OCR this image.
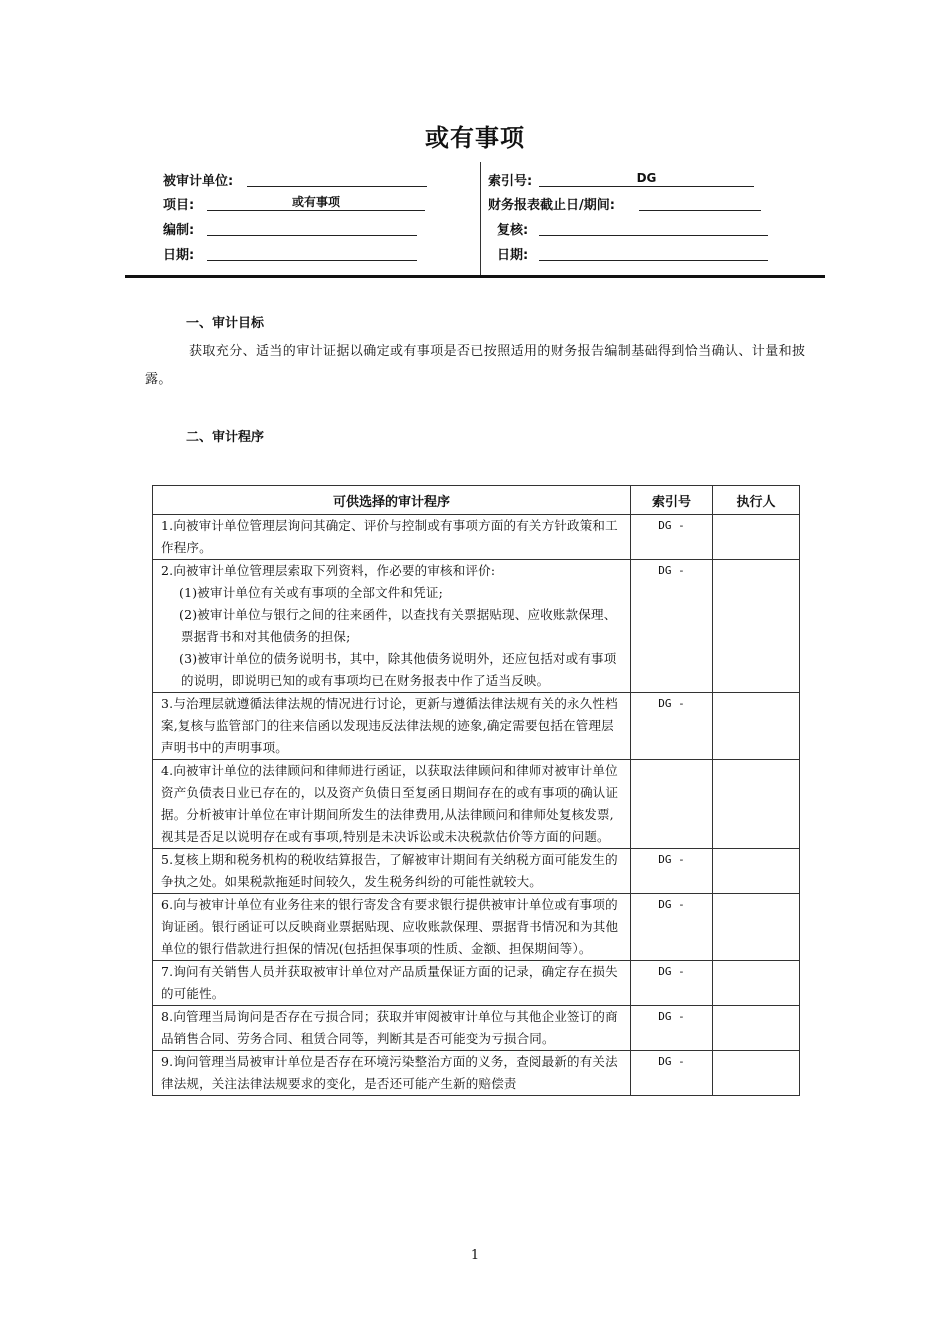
或有事项
被审计单位:
项目:	或有事项
编制:
日期:
索引号:	DG
财务报表截止日/期间:
复核:
日期:
一、审计目标
获取充分、适当的审计证据以确定或有事项是否已按照适用的财务报告编制基础得到恰当确认、计量和披露。
二、审计程序
可供选择的审计程序	索引号	执行人

1.向被审计单位管理层询问其确定、评价与控制或有事项方面的有关方针政策和工作程序。	DG -	

2.向被审计单位管理层索取下列资料，作必要的审核和评价:
(1)被审计单位有关或有事项的全部文件和凭证;
(2)被审计单位与银行之间的往来函件，以查找有关票据贴现、应收账款保理、票据背书和对其他债务的担保;
(3)被审计单位的债务说明书，其中，除其他债务说明外，还应包括对或有事项的说明，即说明已知的或有事项均已在财务报表中作了适当反映。	DG -	

3.与治理层就遵循法律法规的情况进行讨论，更新与遵循法律法规有关的永久性档案,复核与监管部门的往来信函以发现违反法律法规的迹象,确定需要包括在管理层声明书中的声明事项。	DG -	

4.向被审计单位的法律顾问和律师进行函证，以获取法律顾问和律师对被审计单位资产负债表日业已存在的，以及资产负债日至复函日期间存在的或有事项的确认证据。分析被审计单位在审计期间所发生的法律费用,从法律顾问和律师处复核发票,视其是否足以说明存在或有事项,特别是未决诉讼或未决税款估价等方面的问题。		

5.复核上期和税务机构的税收结算报告，了解被审计期间有关纳税方面可能发生的争执之处。如果税款拖延时间较久，发生税务纠纷的可能性就较大。	DG -	

6.向与被审计单位有业务往来的银行寄发含有要求银行提供被审计单位或有事项的询证函。银行函证可以反映商业票据贴现、应收账款保理、票据背书情况和为其他单位的银行借款进行担保的情况(包括担保事项的性质、金额、担保期间等）。	DG -	

7.询问有关销售人员并获取被审计单位对产品质量保证方面的记录，确定存在损失的可能性。	DG -	

8.向管理当局询问是否存在亏损合同；获取并审阅被审计单位与其他企业签订的商品销售合同、劳务合同、租赁合同等，判断其是否可能变为亏损合同。	DG -	

9.询问管理当局被审计单位是否存在环境污染整治方面的义务，查阅最新的有关法律法规，关注法律法规要求的变化，是否还可能产生新的赔偿责	DG -	
1
